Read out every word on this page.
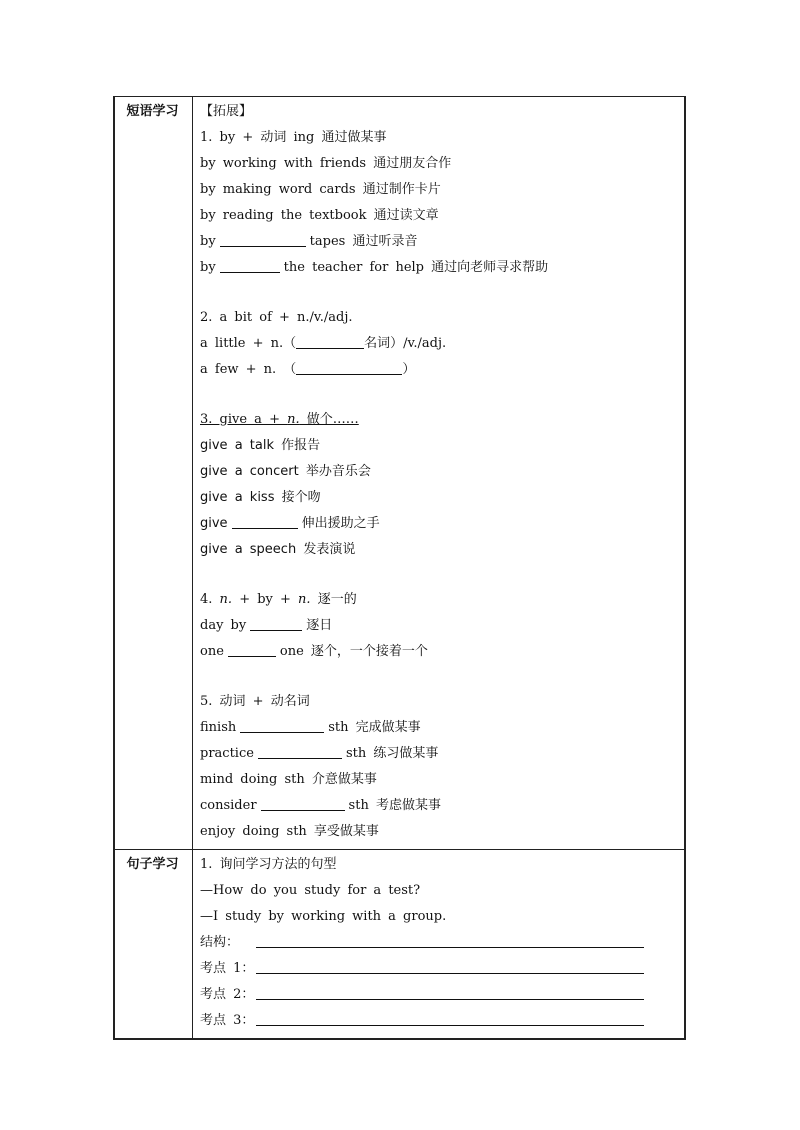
短语学习	【拓展】
1. by + 动词 ing 通过做某事
by working with friends 通过朋友合作
by making word cards 通过制作卡片
by reading the textbook 通过读文章
by	tapes 通过听录音
by	the teacher for help 通过向老师寻求帮助
2. a bit of + n./v./adj.
a little + n.（	名词）/v./adj.
a few + n. （	）
3. give a + n. 做个……
give a talk 作报告
give a concert 举办音乐会
give a kiss 接个吻
give	伸出援助之手
give a speech 发表演说
4. n. + by + n. 逐一的
day by	逐日
one	one 逐个，一个接着一个
5. 动词 + 动名词
finish	sth 完成做某事
practice	sth 练习做某事
mind doing sth 介意做某事
consider	sth 考虑做某事
enjoy doing sth 享受做某事
句子学习	1. 询问学习方法的句型
—How do you study for a test?
—I study by working with a group.
结构：
考点 1：
考点 2：
考点 3：
